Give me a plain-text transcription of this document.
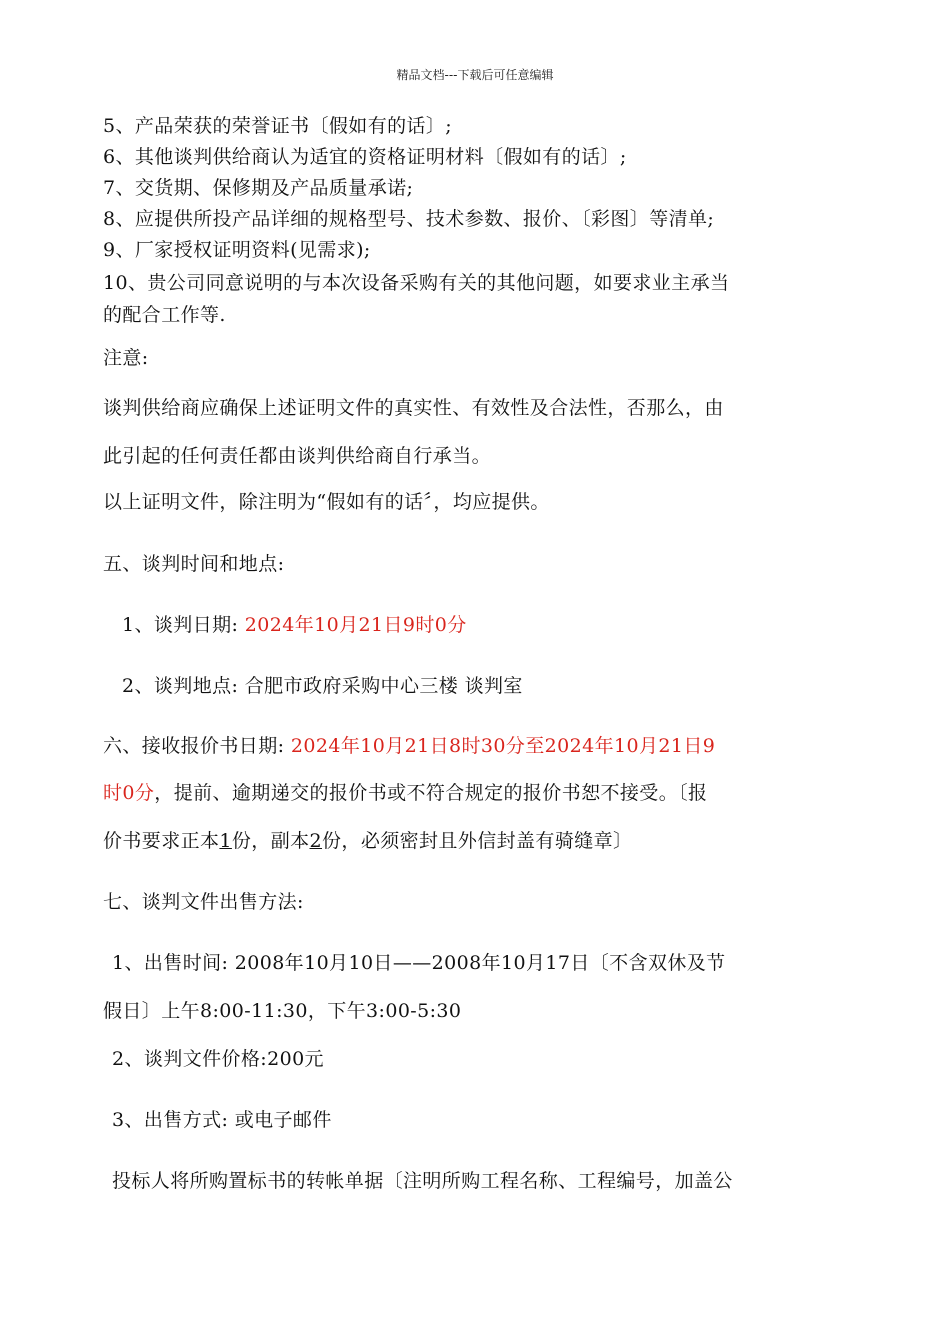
精品文档---下载后可任意编辑
5、产品荣获的荣誉证书〔假如有的话〕;
6、其他谈判供给商认为适宜的资格证明材料〔假如有的话〕;
7、交货期、保修期及产品质量承诺;
8、应提供所投产品详细的规格型号、技术参数、报价、〔彩图〕等清单;
9、厂家授权证明资料(见需求);
10、贵公司同意说明的与本次设备采购有关的其他问题，如要求业主承当
的配合工作等.
注意:
谈判供给商应确保上述证明文件的真实性、有效性及合法性，否那么，由
此引起的任何责任都由谈判供给商自行承当。
以上证明文件，除注明为“假如有的话〞，均应提供。
五、谈判时间和地点:
1、谈判日期: 2024年10月21日9时0分
2、谈判地点: 合肥市政府采购中心三楼 谈判室
六、接收报价书日期: 2024年10月21日8时30分至2024年10月21日9
时0分，提前、逾期递交的报价书或不符合规定的报价书恕不接受。〔报
价书要求正本1份，副本2份，必须密封且外信封盖有骑缝章〕
七、谈判文件出售方法:
1、出售时间: 2008年10月10日——2008年10月17日〔不含双休及节
假日〕上午8:00-11:30，下午3:00-5:30
2、谈判文件价格:200元
3、出售方式: 或电子邮件
投标人将所购置标书的转帐单据〔注明所购工程名称、工程编号，加盖公
